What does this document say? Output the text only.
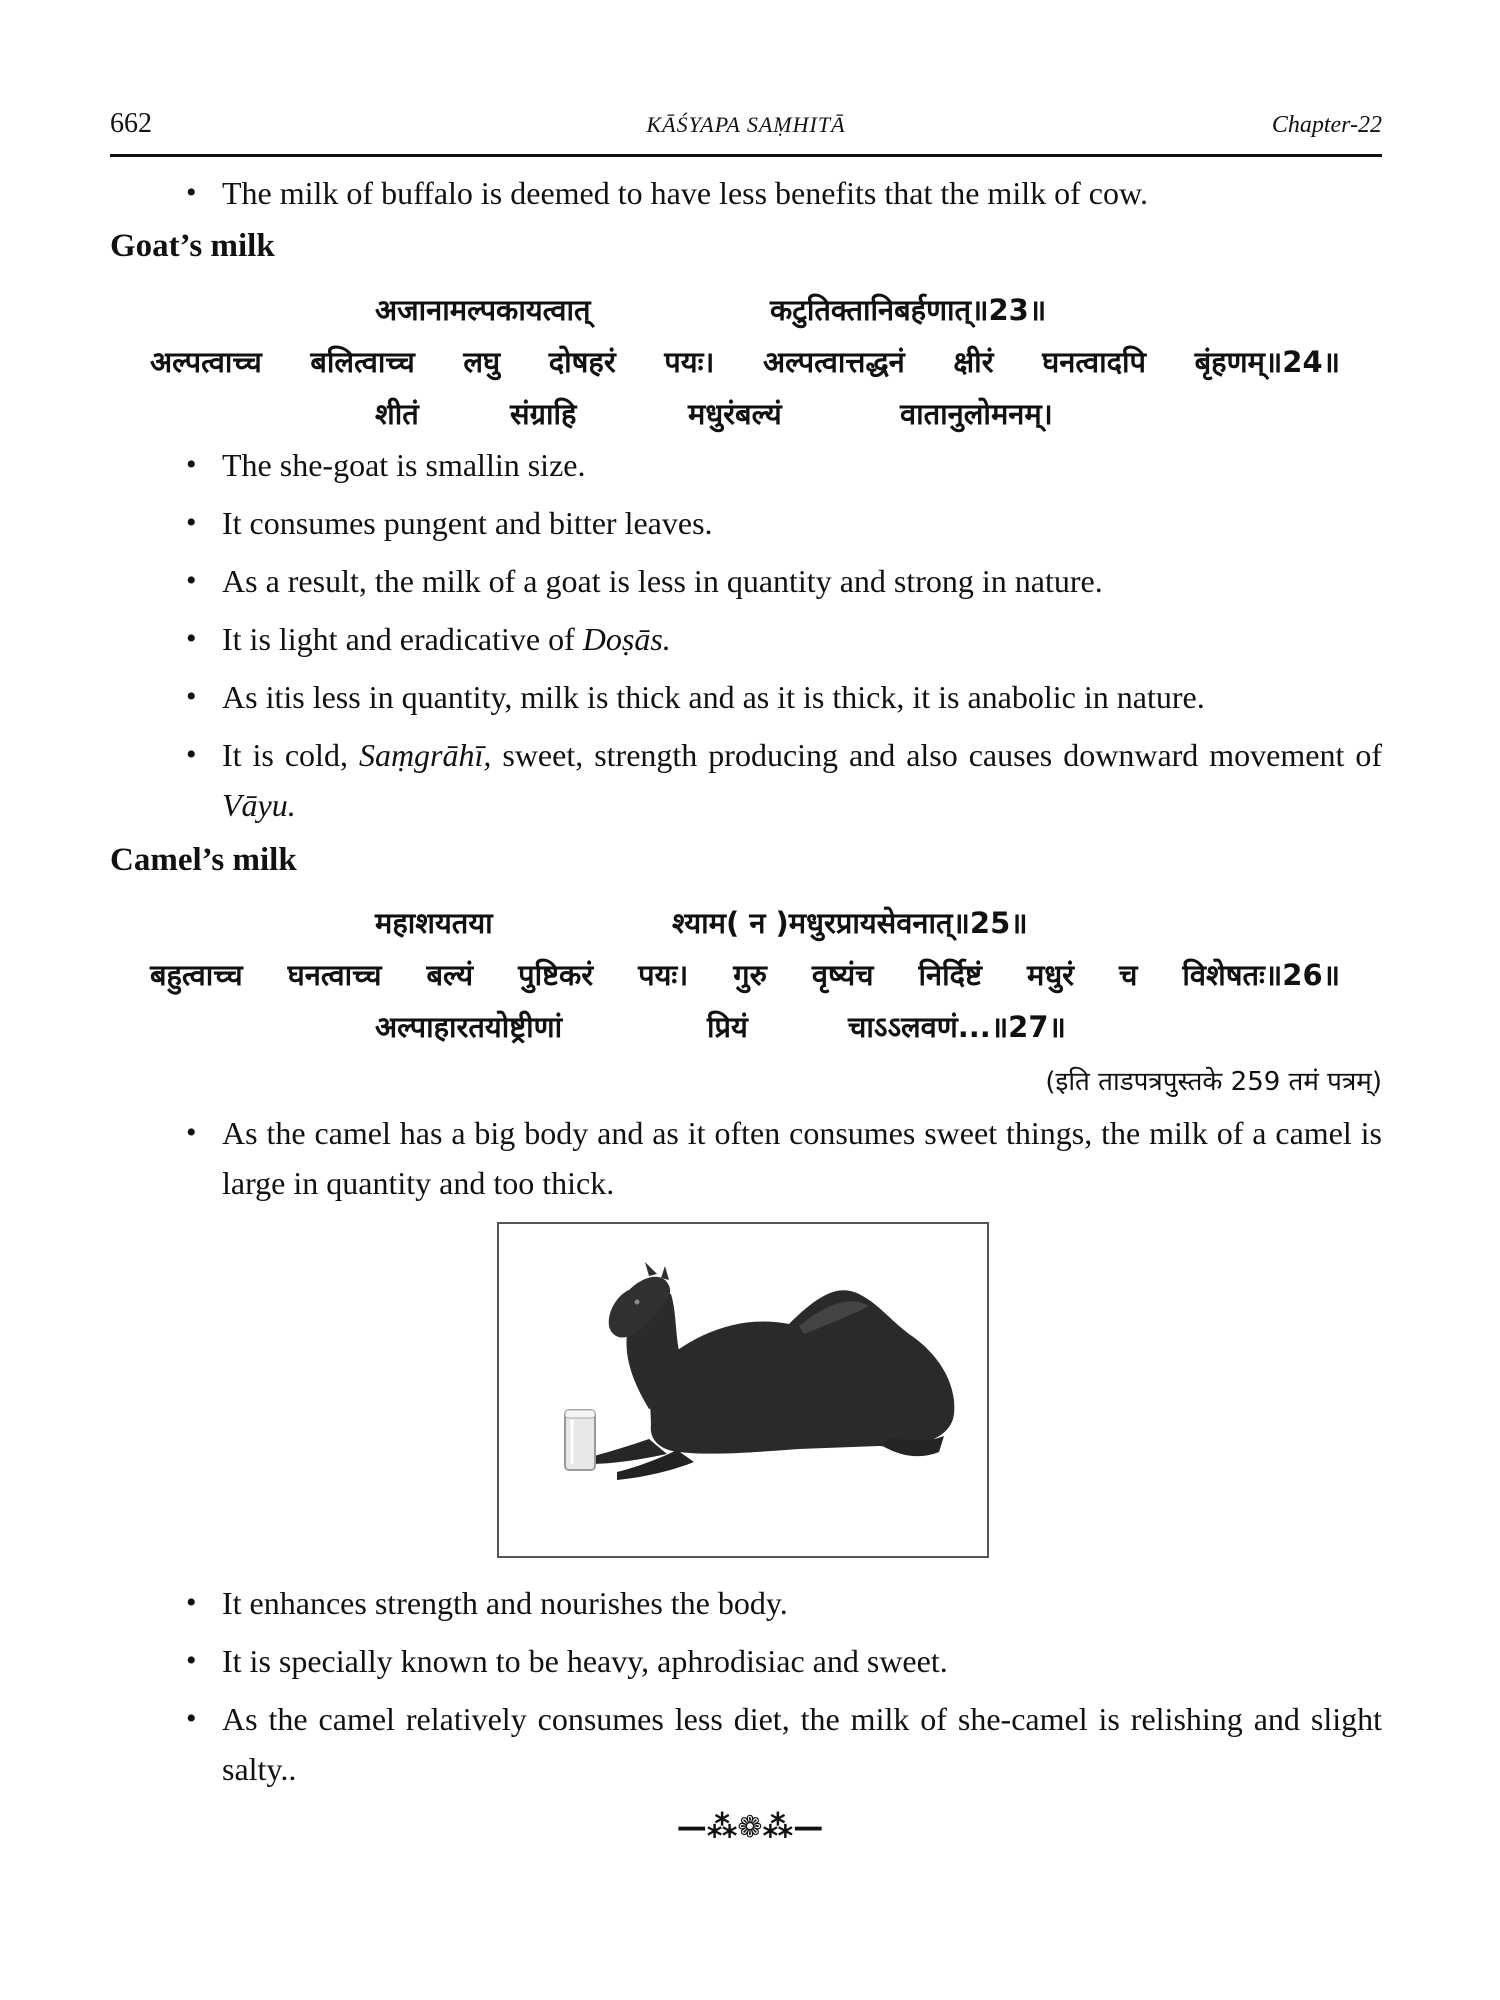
662	KĀŚYAPA SAṂHITĀ	Chapter-22
• The milk of buffalo is deemed to have less benefits that the milk of cow.
Goat’s milk
अजानामल्पकायत्वात्	कटुतिक्तानिबर्हणात्॥23॥
अल्पत्वाच्च बलित्वाच्च लघु दोषहरं पयः। अल्पत्वात्तद्धनं क्षीरं घनत्वादपि बृंहणम्॥24॥
शीतं	संग्राहि	मधुरंबल्यं	वातानुलोमनम्।
• The she-goat is smallin size.
• It consumes pungent and bitter leaves.
• As a result, the milk of a goat is less in quantity and strong in nature.
• It is light and eradicative of Doṣās.
• As itis less in quantity, milk is thick and as it is thick, it is anabolic in nature.
• It is cold, Saṃgrāhī, sweet, strength producing and also causes downward movement of Vāyu.
Camel’s milk
महाशयतया	श्याम( न )मधुरप्रायसेवनात्॥25॥
बहुत्वाच्च घनत्वाच्च बल्यं पुष्टिकरं पयः। गुरु वृष्यंच निर्दिष्टं मधुरं च विशेषतः॥26॥
अल्पाहारतयोष्ट्रीणां	प्रियं	चाऽऽलवणं...॥27॥
(इति ताडपत्रपुस्तके 259 तमं पत्रम्)
• As the camel has a big body and as it often consumes sweet things, the milk of a camel is large in quantity and too thick.
• It enhances strength and nourishes the body.
• It is specially known to be heavy, aphrodisiac and sweet.
• As the camel relatively consumes less diet, the milk of she-camel is relishing and slight salty..
—⁂❁⁂—
